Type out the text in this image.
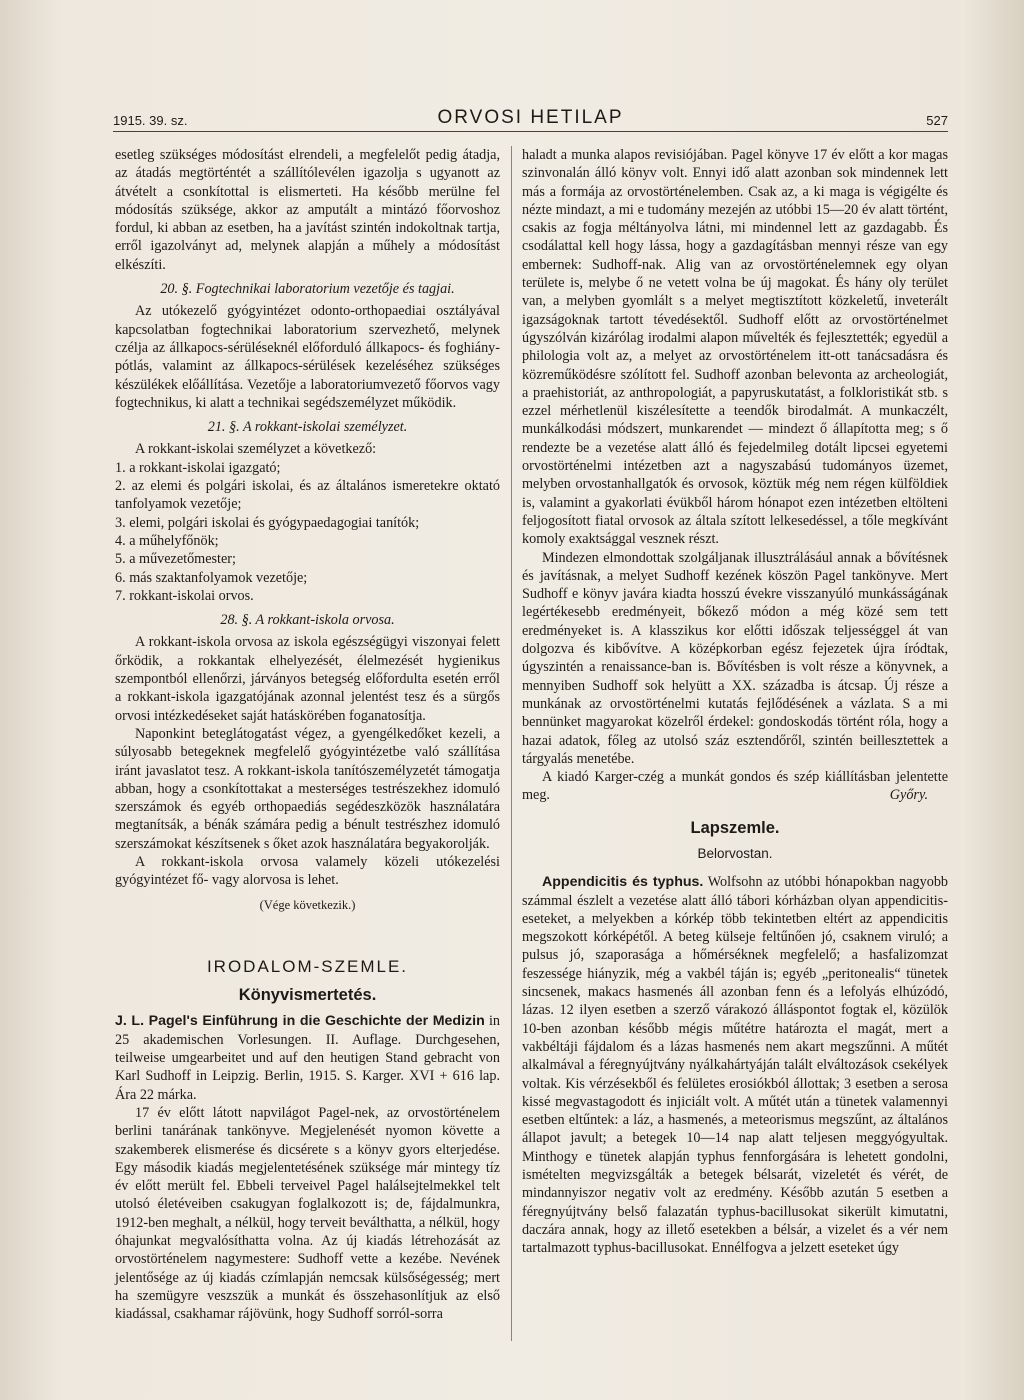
1915. 39. sz.	ORVOSI HETILAP	527

esetleg szükséges módosítást elrendeli, a megfelelőt pedig átadja, az átadás megtörténtét a szállítólevélen igazolja s ugyanott az átvételt a csonkítottal is elismerteti. Ha később merülne fel módosítás szüksége, akkor az amputált a mintázó főorvoshoz fordul, ki abban az esetben, ha a javítást szintén indokoltnak tartja, erről igazolványt ad, melynek alapján a műhely a módosítást elkészíti.

20. §. Fogtechnikai laboratorium vezetője és tagjai.

Az utókezelő gyógyintézet odonto-orthopaediai osztályával kapcsolatban fogtechnikai laboratorium szervezhető, melynek czélja az állkapocs-sérüléseknél előforduló állkapocs- és foghiány-pótlás, valamint az állkapocs-sérülések kezeléséhez szükséges készülékek előállítása. Vezetője a laboratoriumvezető főorvos vagy fogtechnikus, ki alatt a technikai segédszemélyzet működik.

21. §. A rokkant-iskolai személyzet.

A rokkant-iskolai személyzet a következő:

1. a rokkant-iskolai igazgató;

2. az elemi és polgári iskolai, és az általános ismeretekre oktató tanfolyamok vezetője;

3. elemi, polgári iskolai és gyógypaedagogiai tanítók;

4. a műhelyfőnök;

5. a művezetőmester;

6. más szaktanfolyamok vezetője;

7. rokkant-iskolai orvos.

28. §. A rokkant-iskola orvosa.

A rokkant-iskola orvosa az iskola egészségügyi viszonyai felett őrködik, a rokkantak elhelyezését, élelmezését hygienikus szempontból ellenőrzi, járványos betegség előfordulta esetén erről a rokkant-iskola igazgatójának azonnal jelentést tesz és a sürgős orvosi intézkedéseket saját hatáskörében foganatosítja.

Naponkint beteglátogatást végez, a gyengélkedőket kezeli, a súlyosabb betegeknek megfelelő gyógyintézetbe való szállítása iránt javaslatot tesz. A rokkant-iskola tanítószemélyzetét támogatja abban, hogy a csonkítottakat a mesterséges testrészekhez idomuló szerszámok és egyéb orthopaediás segédeszközök használatára megtanítsák, a bénák számára pedig a bénult testrészhez idomuló szerszámokat készítsenek s őket azok használatára begyakorolják.

A rokkant-iskola orvosa valamely közeli utókezelési gyógyintézet fő- vagy alorvosa is lehet.

(Vége következik.)

IRODALOM-SZEMLE.

Könyvismertetés.

J. L. Pagel's Einführung in die Geschichte der Medizin in 25 akademischen Vorlesungen. II. Auflage. Durchgesehen, teilweise umgearbeitet und auf den heutigen Stand gebracht von Karl Sudhoff in Leipzig. Berlin, 1915. S. Karger. XVI + 616 lap. Ára 22 márka.

17 év előtt látott napvilágot Pagel-nek, az orvostörténelem berlini tanárának tankönyve. Megjelenését nyomon követte a szakemberek elismerése és dicsérete s a könyv gyors elterjedése. Egy második kiadás megjelentetésének szüksége már mintegy tíz év előtt merült fel. Ebbeli terveivel Pagel halálsejtelmekkel telt utolsó életéveiben csakugyan foglalkozott is; de, fájdalmunkra, 1912-ben meghalt, a nélkül, hogy terveit beválthatta, a nélkül, hogy óhajunkat megvalósíthatta volna. Az új kiadás létrehozását az orvostörténelem nagymestere: Sudhoff vette a kezébe. Nevének jelentősége az új kiadás czímlapján nemcsak külsőségesség; mert ha szemügyre veszszük a munkát és összehasonlítjuk az első kiadással, csakhamar rájövünk, hogy Sudhoff sorról-sorra

haladt a munka alapos revisiójában. Pagel könyve 17 év előtt a kor magas szinvonalán álló könyv volt. Ennyi idő alatt azonban sok mindennek lett más a formája az orvostörténelemben. Csak az, a ki maga is végigélte és nézte mindazt, a mi e tudomány mezején az utóbbi 15—20 év alatt történt, csakis az fogja méltányolva látni, mi mindennel lett az gazdagabb. És csodálattal kell hogy lássa, hogy a gazdagításban mennyi része van egy embernek: Sudhoff-nak. Alig van az orvostörténelemnek egy olyan területe is, melybe ő ne vetett volna be új magokat. És hány oly terület van, a melyben gyomlált s a melyet megtisztított közkeletű, inveterált igazságoknak tartott tévedésektől. Sudhoff előtt az orvostörténelmet úgyszólván kizárólag irodalmi alapon művelték és fejlesztették; egyedül a philologia volt az, a melyet az orvostörténelem itt-ott tanácsadásra és közreműködésre szólított fel. Sudhoff azonban belevonta az archeologiát, a praehistoriát, az anthropologiát, a papyruskutatást, a folkloristikát stb. s ezzel mérhetlenül kiszélesítette a teendők birodalmát. A munkaczélt, munkálkodási módszert, munkarendet — mindezt ő állapította meg; s ő rendezte be a vezetése alatt álló és fejedelmileg dotált lipcsei egyetemi orvostörténelmi intézetben azt a nagyszabású tudományos üzemet, melyben orvostanhallgatók és orvosok, köztük még nem régen külföldiek is, valamint a gyakorlati évükből három hónapot ezen intézetben eltölteni feljogosított fiatal orvosok az általa szított lelkesedéssel, a tőle megkívánt komoly exaktsággal vesznek részt.

Mindezen elmondottak szolgáljanak illusztrálásául annak a bővítésnek és javításnak, a melyet Sudhoff kezének köszön Pagel tankönyve. Mert Sudhoff e könyv javára kiadta hosszú évekre visszanyúló munkásságának legértékesebb eredményeit, bőkező módon a még közé sem tett eredményeket is. A klasszikus kor előtti időszak teljességgel át van dolgozva és kibővítve. A középkorban egész fejezetek újra íródtak, úgyszintén a renaissance-ban is. Bővítésben is volt része a könyvnek, a mennyiben Sudhoff sok helyütt a XX. századba is átcsap. Új része a munkának az orvostörténelmi kutatás fejlődésének a vázlata. S a mi bennünket magyarokat közelről érdekel: gondoskodás történt róla, hogy a hazai adatok, főleg az utolsó száz esztendőről, szintén beillesztettek a tárgyalás menetébe.

A kiadó Karger-czég a munkát gondos és szép kiállításban jelentette meg.	Győry.

Lapszemle.

Belorvostan.

Appendicitis és typhus. Wolfsohn az utóbbi hónapokban nagyobb számmal észlelt a vezetése alatt álló tábori kórházban olyan appendicitis-eseteket, a melyekben a kórkép több tekintetben eltért az appendicitis megszokott kórképétől. A beteg külseje feltűnően jó, csaknem viruló; a pulsus jó, szaporasága a hőmérséknek megfelelő; a hasfalizomzat feszessége hiányzik, még a vakbél táján is; egyéb „peritonealis“ tünetek sincsenek, makacs hasmenés áll azonban fenn és a lefolyás elhúzódó, lázas. 12 ilyen esetben a szerző várakozó álláspontot fogtak el, közülök 10-ben azonban később mégis műtétre határozta el magát, mert a vakbéltáji fájdalom és a lázas hasmenés nem akart megszűnni. A műtét alkalmával a féregnyújtvány nyálkahártyáján talált elváltozások csekélyek voltak. Kis vérzésekből és felületes erosiókból állottak; 3 esetben a serosa kissé megvastagodott és injiciált volt. A műtét után a tünetek valamennyi esetben eltűntek: a láz, a hasmenés, a meteorismus megszűnt, az általános állapot javult; a betegek 10—14 nap alatt teljesen meggyógyultak. Minthogy e tünetek alapján typhus fennforgására is lehetett gondolni, ismételten megvizsgálták a betegek bélsarát, vizeletét és vérét, de mindannyiszor negativ volt az eredmény. Később azután 5 esetben a féregnyújtvány belső falazatán typhus-bacillusokat sikerült kimutatni, daczára annak, hogy az illető esetekben a bélsár, a vizelet és a vér nem tartalmazott typhus-bacillusokat. Ennélfogva a jelzett eseteket úgy
